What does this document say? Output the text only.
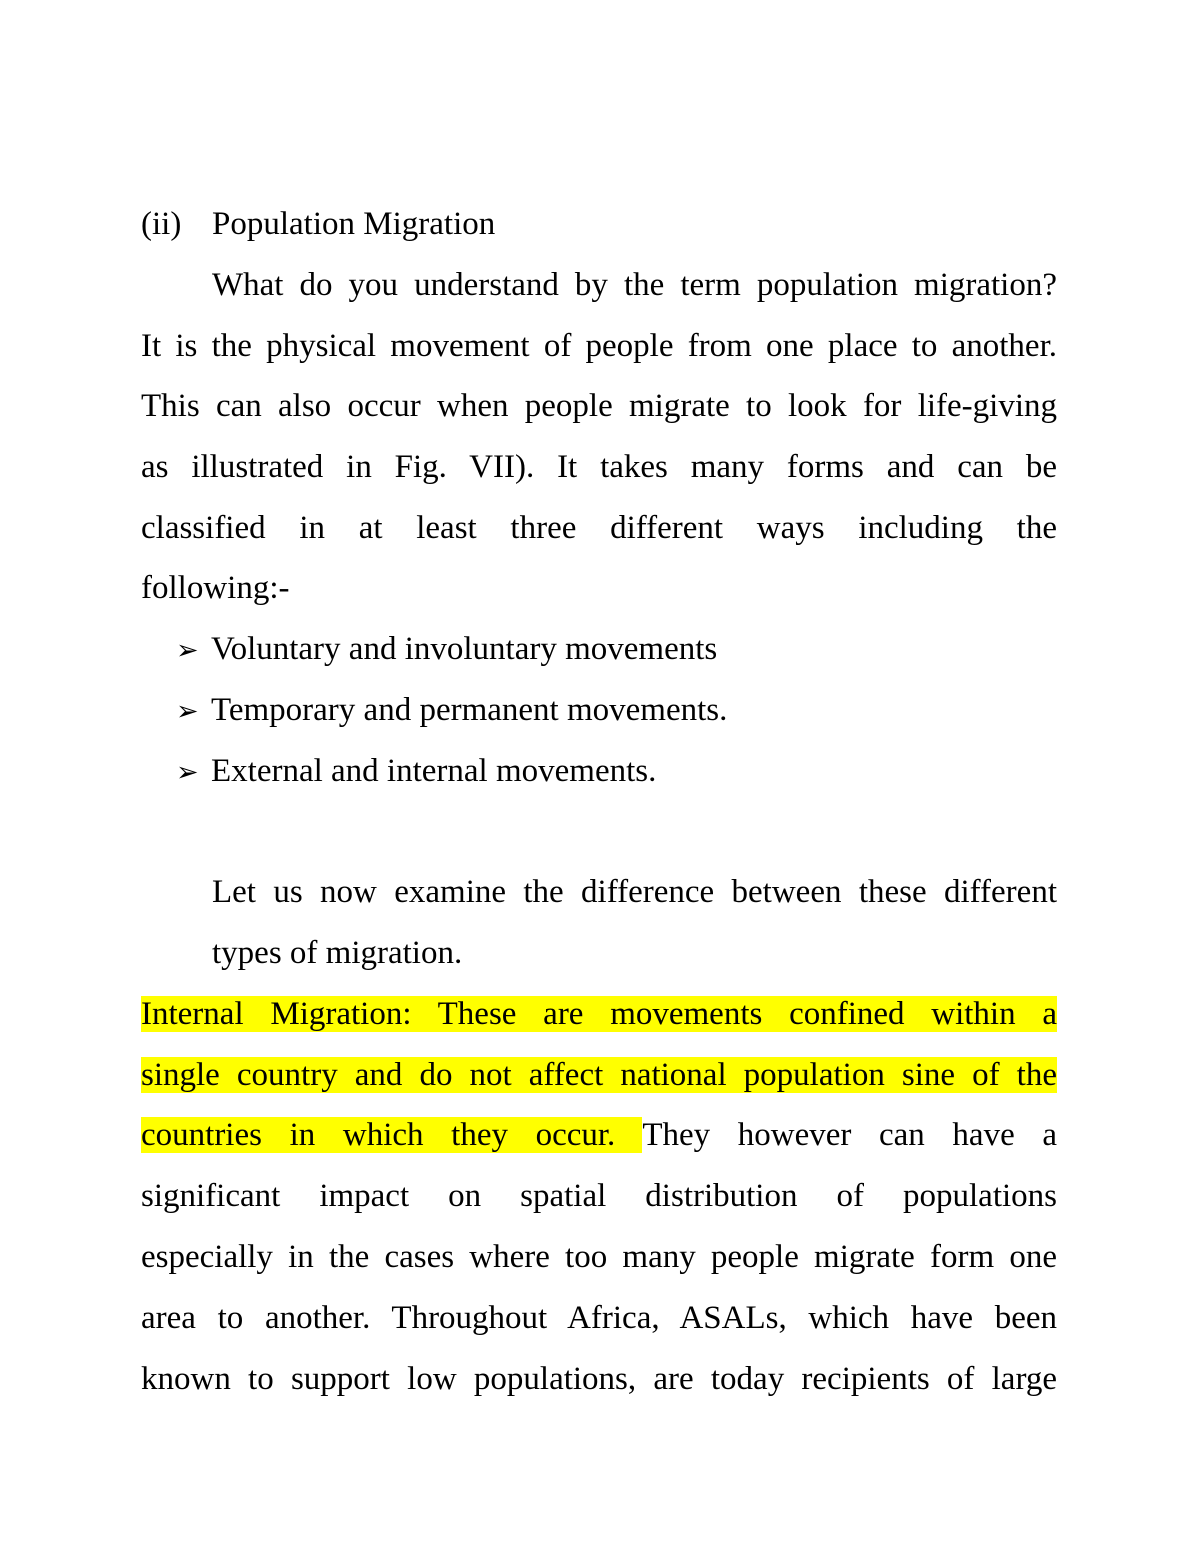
(ii) Population Migration
What do you understand by the term population migration?
It is the physical movement of people from one place to another.
This can also occur when people migrate to look for life-giving
as illustrated in Fig. VII). It takes many forms and can be
classified in at least three different ways including the
following:-
➢ Voluntary and involuntary movements
➢ Temporary and permanent movements.
➢ External and internal movements.
Let us now examine the difference between these different
types of migration.
Internal Migration: These are movements confined within a
single country and do not affect national population sine of the
countries in which they occur. They however can have a
significant impact on spatial distribution of populations
especially in the cases where too many people migrate form one
area to another. Throughout Africa, ASALs, which have been
known to support low populations, are today recipients of large
